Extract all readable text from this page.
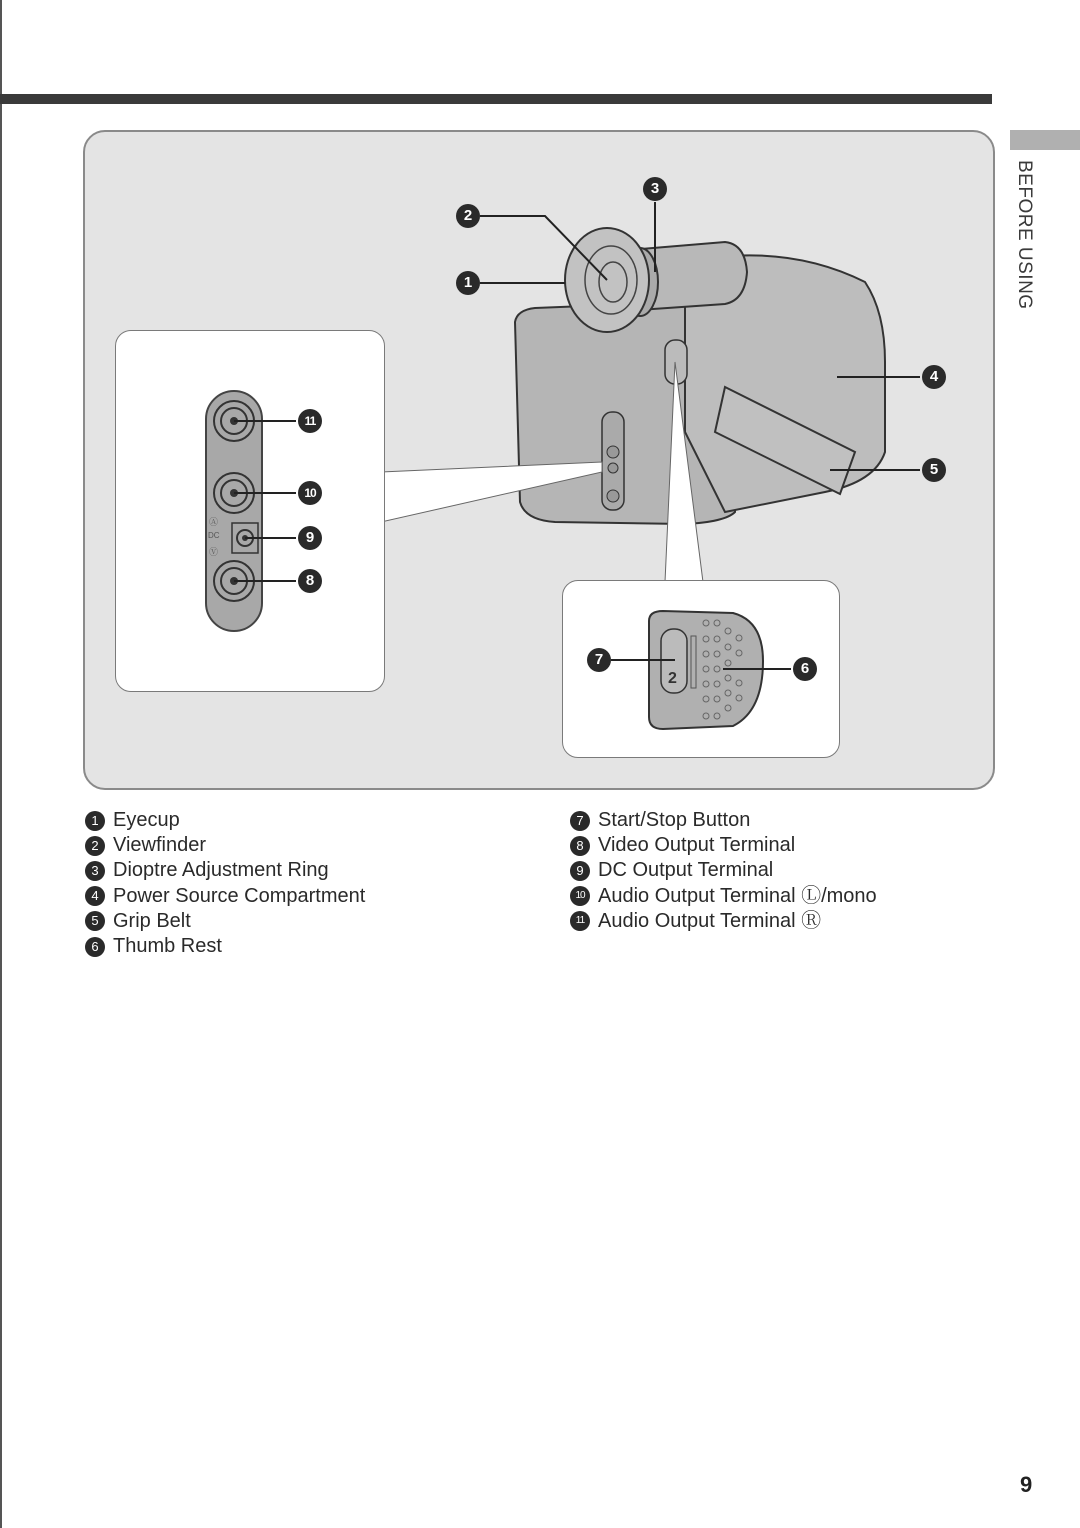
BEFORE USING
Ⓐ
DC
Ⓥ
11
10
9
8
2
7
6
2
1
3
4
5
1 Eyecup
2 Viewfinder
3 Dioptre Adjustment Ring
4 Power Source Compartment
5 Grip Belt
6 Thumb Rest
7 Start/Stop Button
8 Video Output Terminal
9 DC Output Terminal
10 Audio Output Terminal Ⓛ/mono
11 Audio Output Terminal Ⓡ
9
